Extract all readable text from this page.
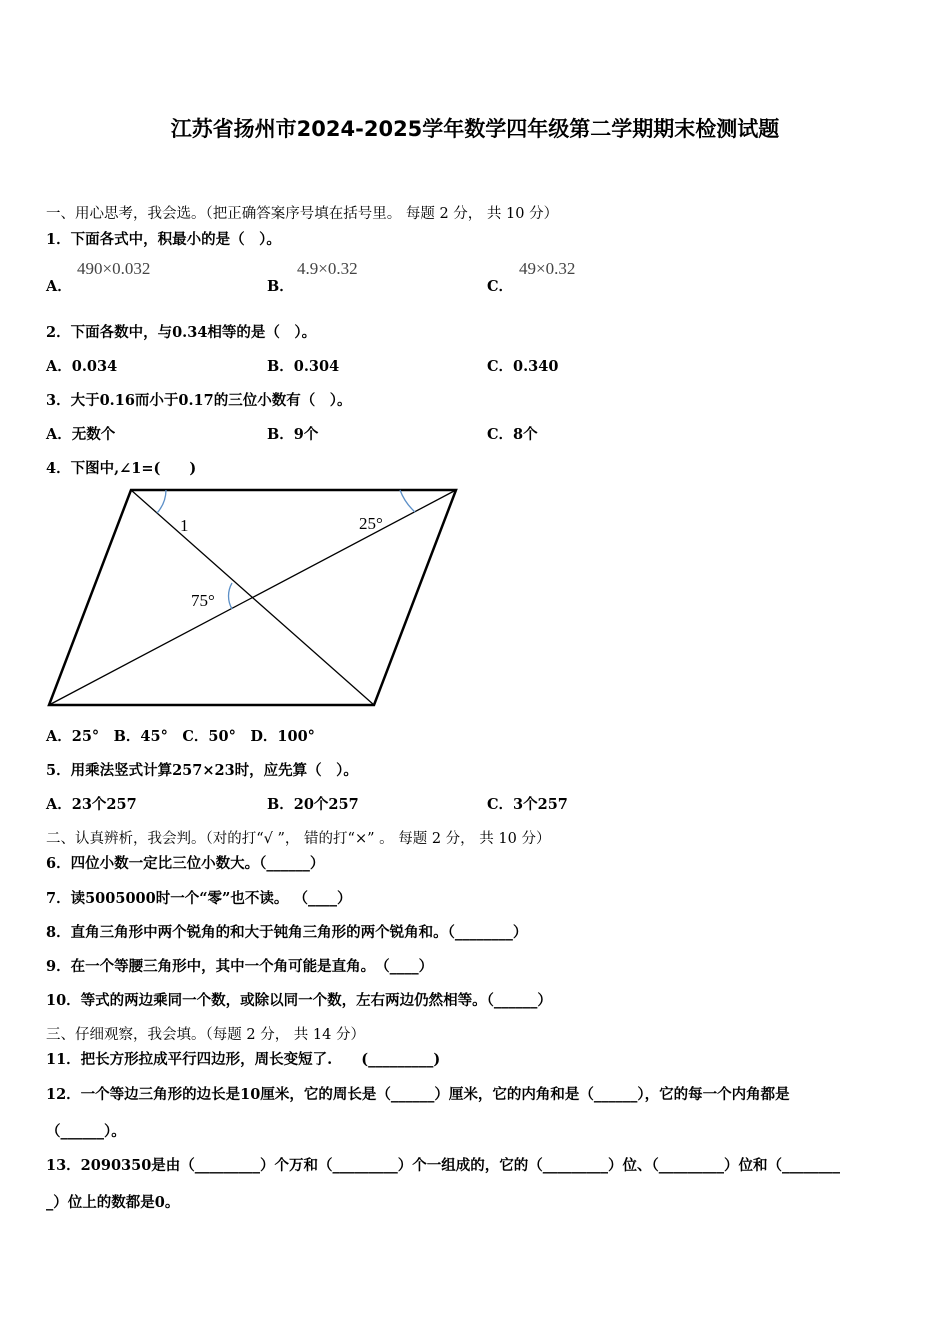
江苏省扬州市2024-2025学年数学四年级第二学期期末检测试题
一、用心思考，我会选。（把正确答案序号填在括号里。 每题 2 分， 共 10 分）
1．下面各式中，积最小的是（　）。
A．
490×0.032
B．
4.9×0.32
C．
49×0.32
2．下面各数中，与0.34相等的是（　）。
A．0.034	B．0.304	C．0.340
3．大于0.16而小于0.17的三位小数有（　）。
A．无数个	B．9个	C．8个
4．下图中,∠1=(　　)
1	25°
75°
A．25°　B．45°　C．50°　D．100°
5．用乘法竖式计算257×23时，应先算（　）。
A．23个257	B．20个257	C．3个257
二、认真辨析，我会判。（对的打“√ ”， 错的打“×” 。 每题 2 分， 共 10 分）
6．四位小数一定比三位小数大。（______）
7．读5005000时一个“零”也不读。 （____）
8．直角三角形中两个锐角的和大于钝角三角形的两个锐角和。（________）
9．在一个等腰三角形中，其中一个角可能是直角。　（____）
10．等式的两边乘同一个数，或除以同一个数，左右两边仍然相等。（______）
三、仔细观察，我会填。（每题 2 分， 共 14 分）
11．把长方形拉成平行四边形，周长变短了.　　(_________)
12．一个等边三角形的边长是10厘米，它的周长是（______）厘米，它的内角和是（______），它的每一个内角都是
（______）。
13．2090350是由（_________）个万和（_________）个一组成的，它的（_________）位、（_________）位和（________
_）位上的数都是0。
